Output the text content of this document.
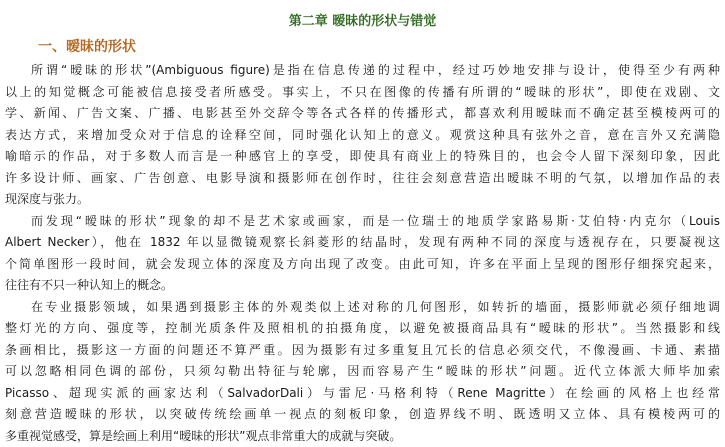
第二章 暧昧的形状与错觉
一、暧昧的形状
所谓“暧昧的形状”(Ambiguous figure)是指在信息传递的过程中，经过巧妙地安排与设计，使得至少有两种
以上的知觉概念可能被信息接受者所感受。事实上，不只在图像的传播有所谓的“暧昧的形状”，即使在戏剧、文
学、新闻、广告文案、广播、电影甚至外交辞令等各式各样的传播形式，都喜欢利用暧昧而不确定甚至模棱两可的
表达方式，来增加受众对于信息的诠释空间，同时强化认知上的意义。观赏这种具有弦外之音，意在言外又充满隐
喻暗示的作品，对于多数人而言是一种感官上的享受，即使具有商业上的特殊目的，也会令人留下深刻印象，因此
许多设计师、画家、广告创意、电影导演和摄影师在创作时，往往会刻意营造出暧昧不明的气氛，以增加作品的表
现深度与张力。
而发现“暧昧的形状”现象的却不是艺术家或画家，而是一位瑞士的地质学家路易斯·艾伯特·内克尔（Louis
Albert Necker），他在 1832 年以显微镜观察长斜菱形的结晶时，发现有两种不同的深度与透视存在，只要凝视这
个简单图形一段时间，就会发现立体的深度及方向出现了改变。由此可知，许多在平面上呈现的图形仔细探究起来，
往往有不只一种认知上的概念。
在专业摄影领域，如果遇到摄影主体的外观类似上述对称的几何图形，如转折的墙面，摄影师就必须仔细地调
整灯光的方向、强度等，控制光质条件及照相机的拍摄角度，以避免被摄商品具有“暧昧的形状”。当然摄影和线
条画相比，摄影这一方面的问题还不算严重。因为摄影有过多重复且冗长的信息必须交代，不像漫画、卡通、素描
可以忽略相同色调的部份，只须勾勒出特征与轮廓，因而容易产生“暧昧的形状”问题。近代立体派大师毕加索
Picasso、超现实派的画家达利（SalvadorDali）与雷尼·马格利特（Rene Magritte）在绘画的风格上也经常
刻意营造暧昧的形状，以突破传统绘画单一视点的刻板印象，创造界线不明、既透明又立体、具有模棱两可的
多重视觉感受，算是绘画上利用“暧昧的形状”观点非常重大的成就与突破。
